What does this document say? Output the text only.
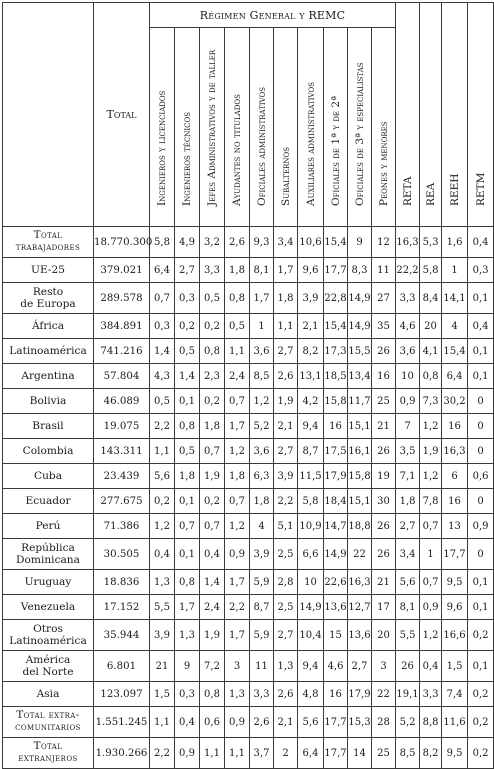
	Total	Régimen General y REMC										RETA	REA	REEH	RETM

		Ingenieros y licenciados	Ingenieros técnicos	Jefes Administrativos y de taller	Ayudantes no titulados	Oficiales administrativos	Subalternos	Auxiliares administrativos	Oficiales de 1ª y de 2ª	Oficiales de 3ª y especialistas	Peones y menores				

Total
trabajadores	18.770.300	5,8	4,9	3,2	2,6	9,3	3,4	10,6	15,4	9	12	16,3	5,3	1,6	0,4
UE-25	379.021	6,4	2,7	3,3	1,8	8,1	1,7	9,6	17,7	8,3	11	22,2	5,8	1	0,3
Resto
de Europa	289.578	0,7	0,3	0,5	0,8	1,7	1,8	3,9	22,8	14,9	27	3,3	8,4	14,1	0,1
África	384.891	0,3	0,2	0,2	0,5	1	1,1	2,1	15,4	14,9	35	4,6	20	4	0,4
Latinoamérica	741.216	1,4	0,5	0,8	1,1	3,6	2,7	8,2	17,3	15,5	26	3,6	4,1	15,4	0,1
Argentina	57.804	4,3	1,4	2,3	2,4	8,5	2,6	13,1	18,5	13,4	16	10	0,8	6,4	0,1
Bolivia	46.089	0,5	0,1	0,2	0,7	1,2	1,9	4,2	15,8	11,7	25	0,9	7,3	30,2	0
Brasil	19.075	2,2	0,8	1,8	1,7	5,2	2,1	9,4	16	15,1	21	7	1,2	16	0
Colombia	143.311	1,1	0,5	0,7	1,2	3,6	2,7	8,7	17,5	16,1	26	3,5	1,9	16,3	0
Cuba	23.439	5,6	1,8	1,9	1,8	6,3	3,9	11,5	17,9	15,8	19	7,1	1,2	6	0,6
Ecuador	277.675	0,2	0,1	0,2	0,7	1,8	2,2	5,8	18,4	15,1	30	1,8	7,8	16	0
Perú	71.386	1,2	0,7	0,7	1,2	4	5,1	10,9	14,7	18,8	26	2,7	0,7	13	0,9
República
Dominicana	30.505	0,4	0,1	0,4	0,9	3,9	2,5	6,6	14,9	22	26	3,4	1	17,7	0
Uruguay	18.836	1,3	0,8	1,4	1,7	5,9	2,8	10	22,6	16,3	21	5,6	0,7	9,5	0,1
Venezuela	17.152	5,5	1,7	2,4	2,2	8,7	2,5	14,9	13,6	12,7	17	8,1	0,9	9,6	0,1
Otros
Latinoamérica	35.944	3,9	1,3	1,9	1,7	5,9	2,7	10,4	15	13,6	20	5,5	1,2	16,6	0,2
América
del Norte	6.801	21	9	7,2	3	11	1,3	9,4	4,6	2,7	3	26	0,4	1,5	0,1
Asia	123.097	1,5	0,3	0,8	1,3	3,3	2,6	4,8	16	17,9	22	19,1	3,3	7,4	0,2
Total extra-
comunitarios	1.551.245	1,1	0,4	0,6	0,9	2,6	2,1	5,6	17,7	15,3	28	5,2	8,8	11,6	0,2
Total
extranjeros	1.930.266	2,2	0,9	1,1	1,1	3,7	2	6,4	17,7	14	25	8,5	8,2	9,5	0,2
